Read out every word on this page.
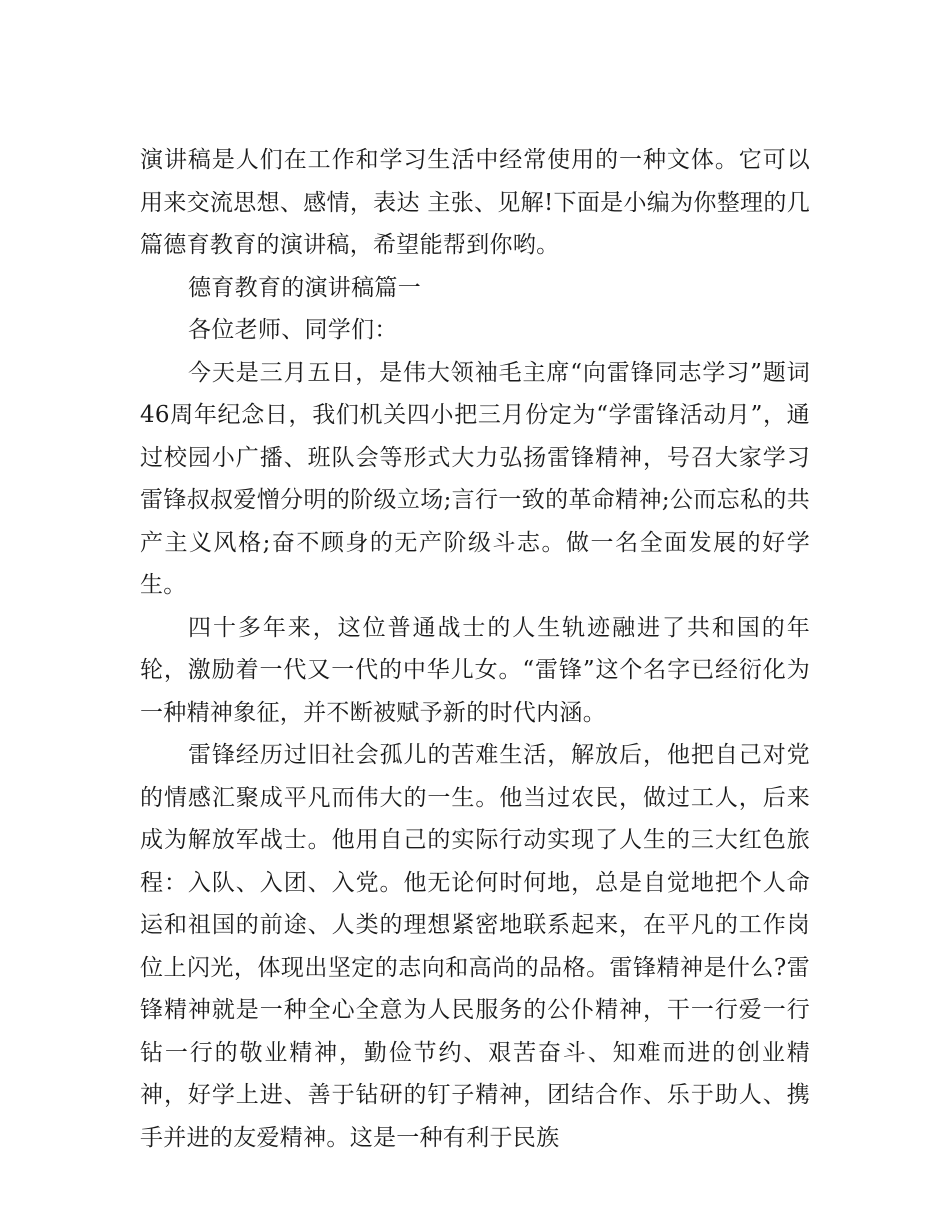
演讲稿是人们在工作和学习生活中经常使用的一种文体。它可以用来交流思想、感情，表达 主张、见解!下面是小编为你整理的几篇德育教育的演讲稿，希望能帮到你哟。

德育教育的演讲稿篇一

各位老师、同学们：

今天是三月五日，是伟大领袖毛主席“向雷锋同志学习”题词46周年纪念日，我们机关四小把三月份定为“学雷锋活动月”，通过校园小广播、班队会等形式大力弘扬雷锋精神，号召大家学习雷锋叔叔爱憎分明的阶级立场;言行一致的革命精神;公而忘私的共产主义风格;奋不顾身的无产阶级斗志。做一名全面发展的好学生。

四十多年来，这位普通战士的人生轨迹融进了共和国的年轮，激励着一代又一代的中华儿女。“雷锋”这个名字已经衍化为一种精神象征，并不断被赋予新的时代内涵。

雷锋经历过旧社会孤儿的苦难生活，解放后，他把自己对党的情感汇聚成平凡而伟大的一生。他当过农民，做过工人，后来成为解放军战士。他用自己的实际行动实现了人生的三大红色旅程：入队、入团、入党。他无论何时何地，总是自觉地把个人命运和祖国的前途、人类的理想紧密地联系起来，在平凡的工作岗位上闪光，体现出坚定的志向和高尚的品格。雷锋精神是什么?雷锋精神就是一种全心全意为人民服务的公仆精神，干一行爱一行钻一行的敬业精神，勤俭节约、艰苦奋斗、知难而进的创业精神，好学上进、善于钻研的钉子精神，团结合作、乐于助人、携手并进的友爱精神。这是一种有利于民族
